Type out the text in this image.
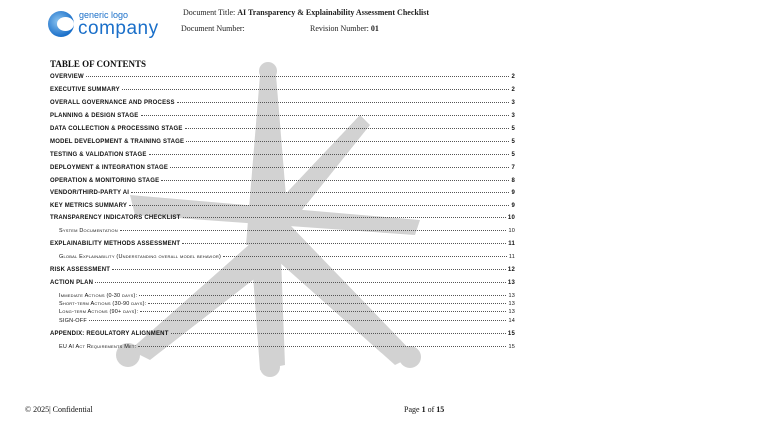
generic logo
company
Document Title: AI Transparency & Explainability Assessment Checklist
Document Number:	Revision Number: 01
TABLE OF CONTENTS
OVERVIEW	2
EXECUTIVE SUMMARY	2
OVERALL GOVERNANCE AND PROCESS	3
PLANNING & DESIGN STAGE	3
DATA COLLECTION & PROCESSING STAGE	5
MODEL DEVELOPMENT & TRAINING STAGE	5
TESTING & VALIDATION STAGE	5
DEPLOYMENT & INTEGRATION STAGE	7
OPERATION & MONITORING STAGE	8
VENDOR/THIRD-PARTY AI	9
KEY METRICS SUMMARY	9
TRANSPARENCY INDICATORS CHECKLIST	10
System Documentation	10
EXPLAINABILITY METHODS ASSESSMENT	11
Global Explainability (Understanding overall model behavior)	11
RISK ASSESSMENT	12
ACTION PLAN	13
Immediate Actions (0-30 days):	13
Short-term Actions (30-90 days):	13
Long-term Actions (90+ days):	13
SIGN-OFF	14
APPENDIX: REGULATORY ALIGNMENT	15
EU AI Act Requirements Met:	15
© 2025| Confidential	Page 1 of 15
